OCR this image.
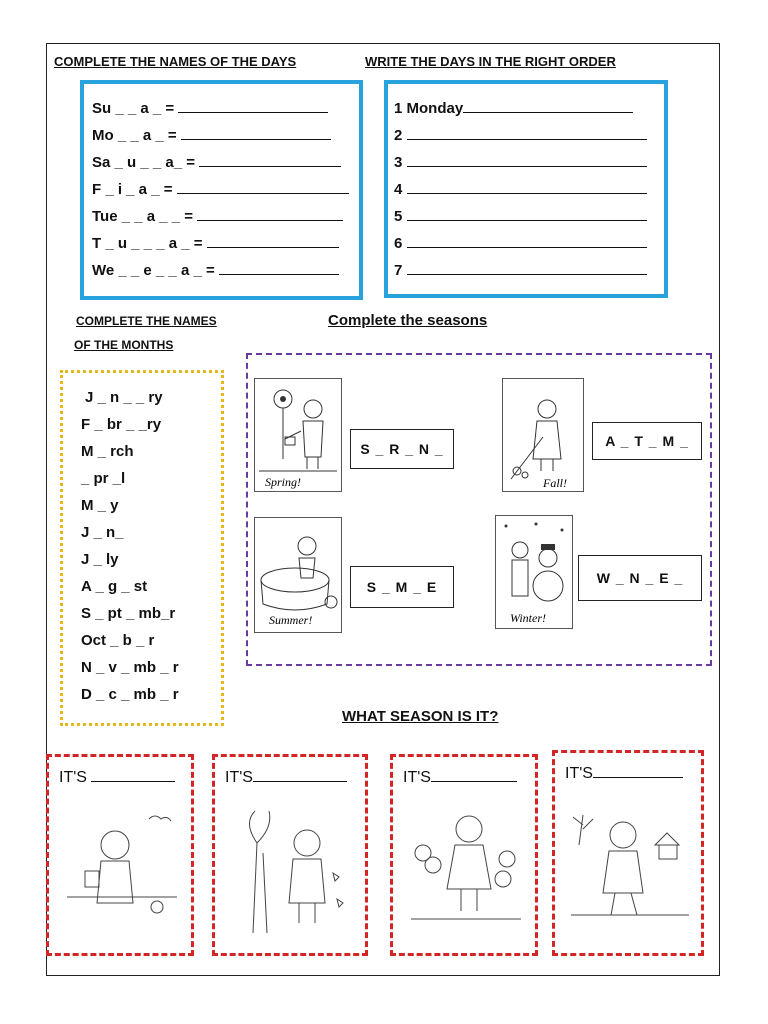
COMPLETE THE NAMES OF THE DAYS	WRITE THE DAYS IN THE RIGHT ORDER
Su _ _ a _ =
Mo _ _ a _ =
Sa _ u _ _ a_ =
F _ i _ a _ =
Tue _ _ a _ _ =
T _ u _ _ _ a _ =
We _ _ e _ _ a _ =
1 Monday
2
3
4
5
6
7
COMPLETE THE NAMES
OF THE MONTHS
Complete the seasons
J _ n _ _ ry
F _ br _ _ry
M _ rch
_ pr _l
M _ y
J _ n_
J _ ly
A _ g _ st
S _ pt _ mb_r
Oct _ b _ r
N _ v _ mb _ r
D _ c _ mb _ r
Spring!
S _ R _ N _
Fall!
A _ T _ M _
Summer!
S _ M _ E
Winter!
W _ N _ E _
WHAT SEASON IS IT?
IT'S	IT'S	IT'S	IT'S
